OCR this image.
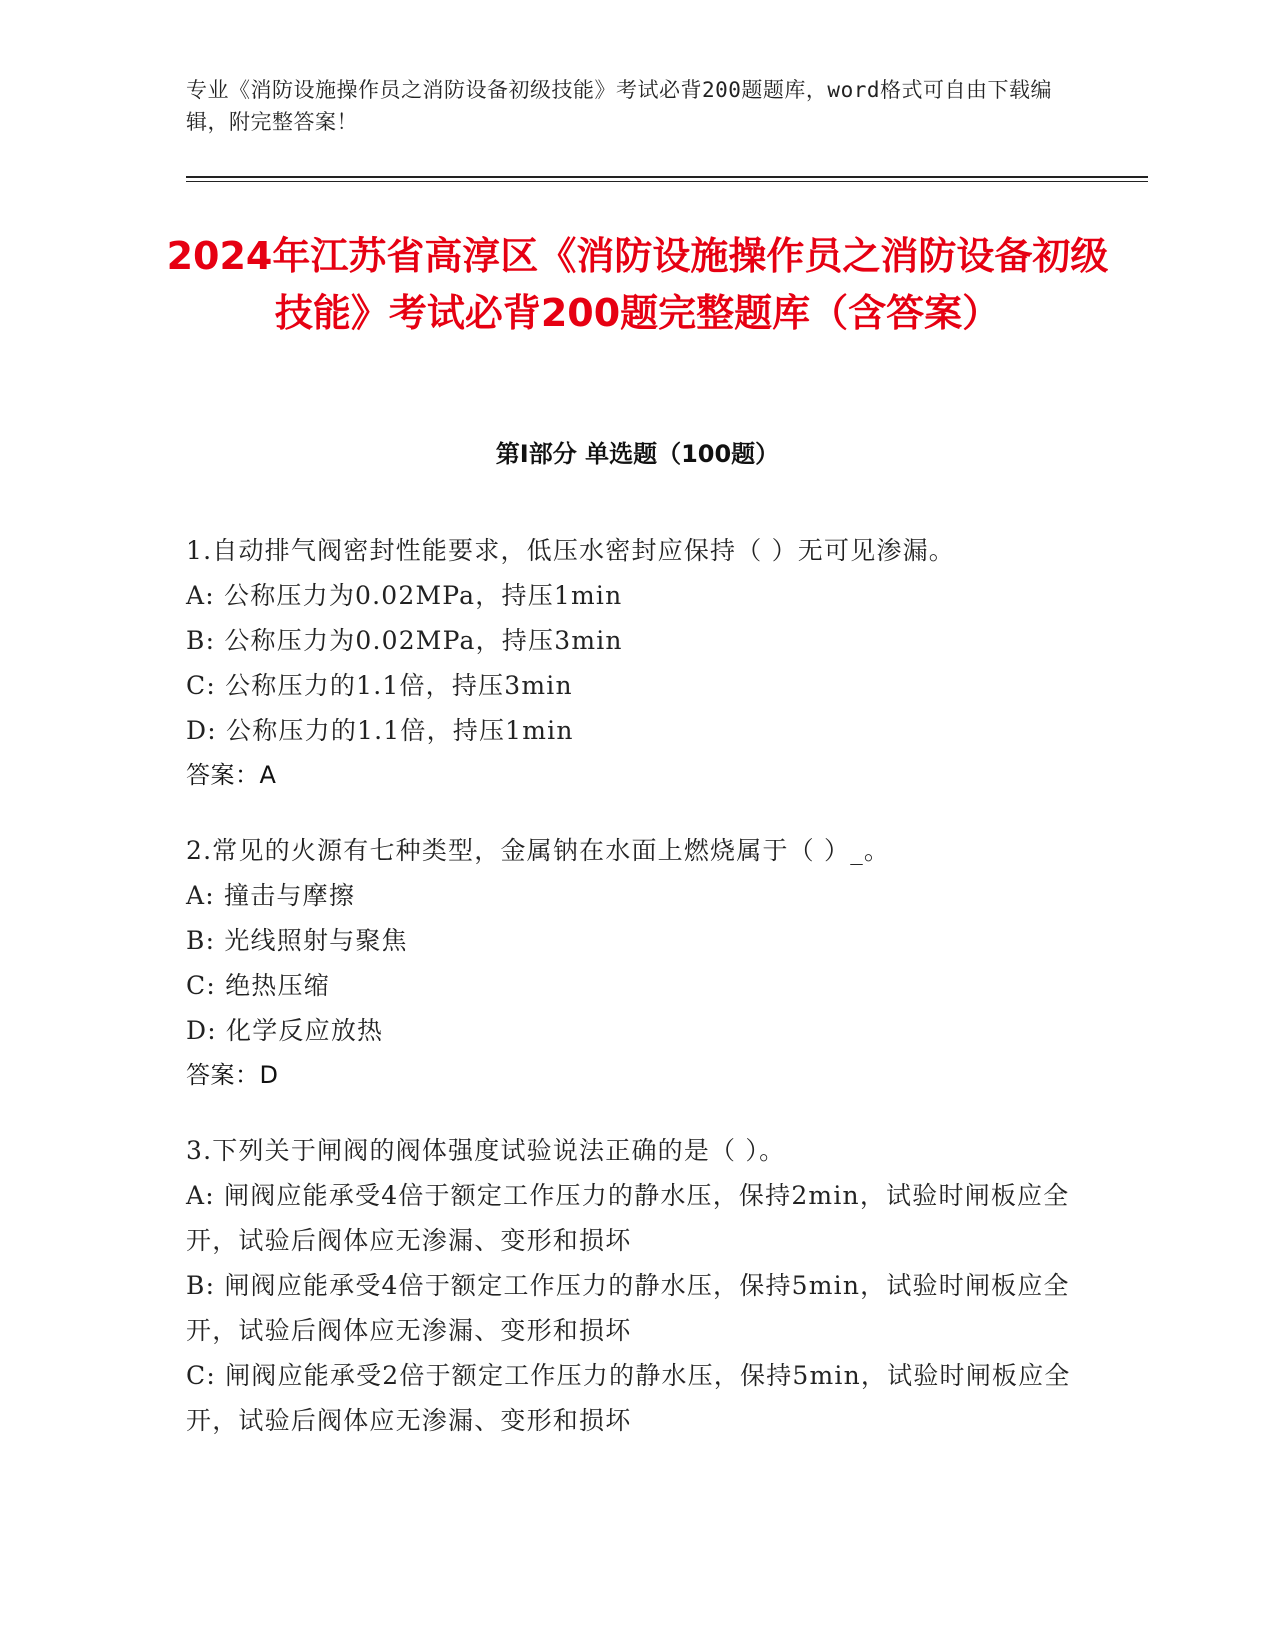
专业《消防设施操作员之消防设备初级技能》考试必背200题题库，word格式可自由下载编辑，附完整答案！
2024年江苏省高淳区《消防设施操作员之消防设备初级技能》考试必背200题完整题库（含答案）
第Ⅰ部分 单选题（100题）
1.自动排气阀密封性能要求，低压水密封应保持（ ）无可见渗漏。
A: 公称压力为0.02MPa，持压1min
B: 公称压力为0.02MPa，持压3min
C: 公称压力的1.1倍，持压3min
D: 公称压力的1.1倍，持压1min
答案：A
2.常见的火源有七种类型，金属钠在水面上燃烧属于（ ）_。
A: 撞击与摩擦
B: 光线照射与聚焦
C: 绝热压缩
D: 化学反应放热
答案：D
3.下列关于闸阀的阀体强度试验说法正确的是（ ）。
A: 闸阀应能承受4倍于额定工作压力的静水压，保持2min，试验时闸板应全开，试验后阀体应无渗漏、变形和损坏
B: 闸阀应能承受4倍于额定工作压力的静水压，保持5min，试验时闸板应全开，试验后阀体应无渗漏、变形和损坏
C: 闸阀应能承受2倍于额定工作压力的静水压，保持5min，试验时闸板应全开，试验后阀体应无渗漏、变形和损坏
